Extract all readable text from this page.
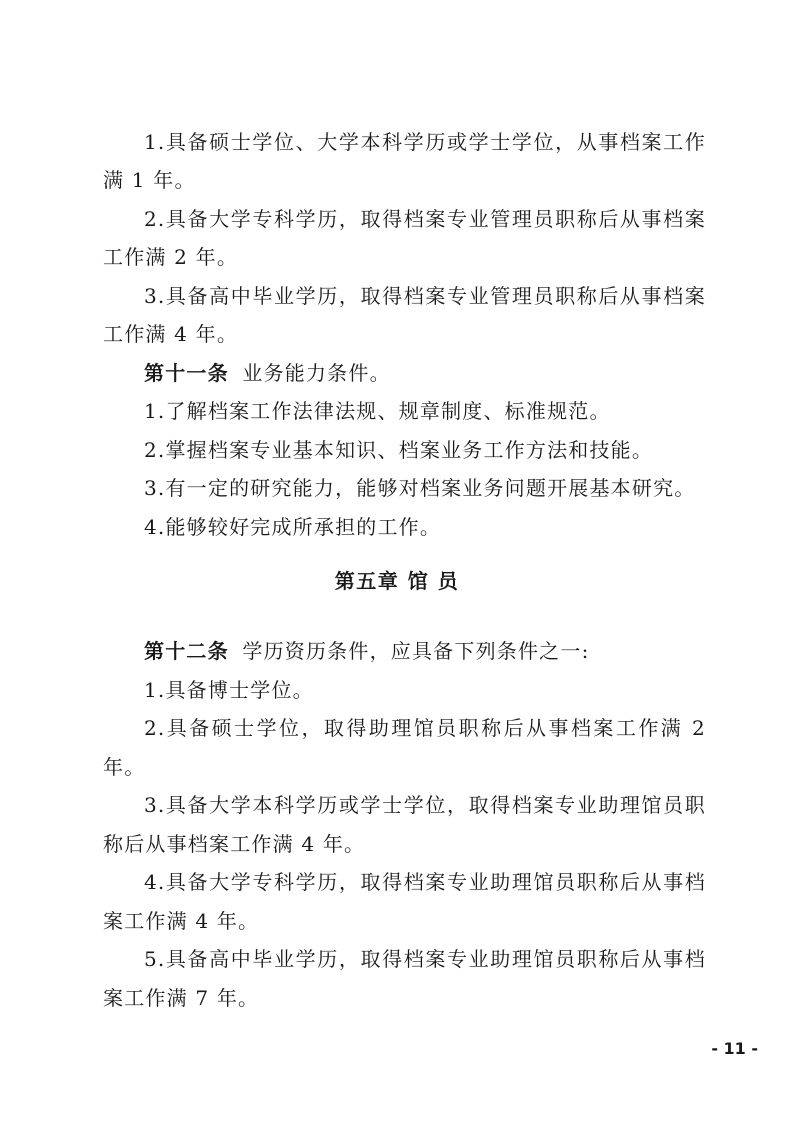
1.具备硕士学位、大学本科学历或学士学位，从事档案工作
满 1 年。
2.具备大学专科学历，取得档案专业管理员职称后从事档案
工作满 2 年。
3.具备高中毕业学历，取得档案专业管理员职称后从事档案
工作满 4 年。
第十一条 业务能力条件。
1.了解档案工作法律法规、规章制度、标准规范。
2.掌握档案专业基本知识、档案业务工作方法和技能。
3.有一定的研究能力，能够对档案业务问题开展基本研究。
4.能够较好完成所承担的工作。
第五章 馆 员
第十二条 学历资历条件，应具备下列条件之一:
1.具备博士学位。
2.具备硕士学位，取得助理馆员职称后从事档案工作满 2
年。
3.具备大学本科学历或学士学位，取得档案专业助理馆员职
称后从事档案工作满 4 年。
4.具备大学专科学历，取得档案专业助理馆员职称后从事档
案工作满 4 年。
5.具备高中毕业学历，取得档案专业助理馆员职称后从事档
案工作满 7 年。
- 11 -
